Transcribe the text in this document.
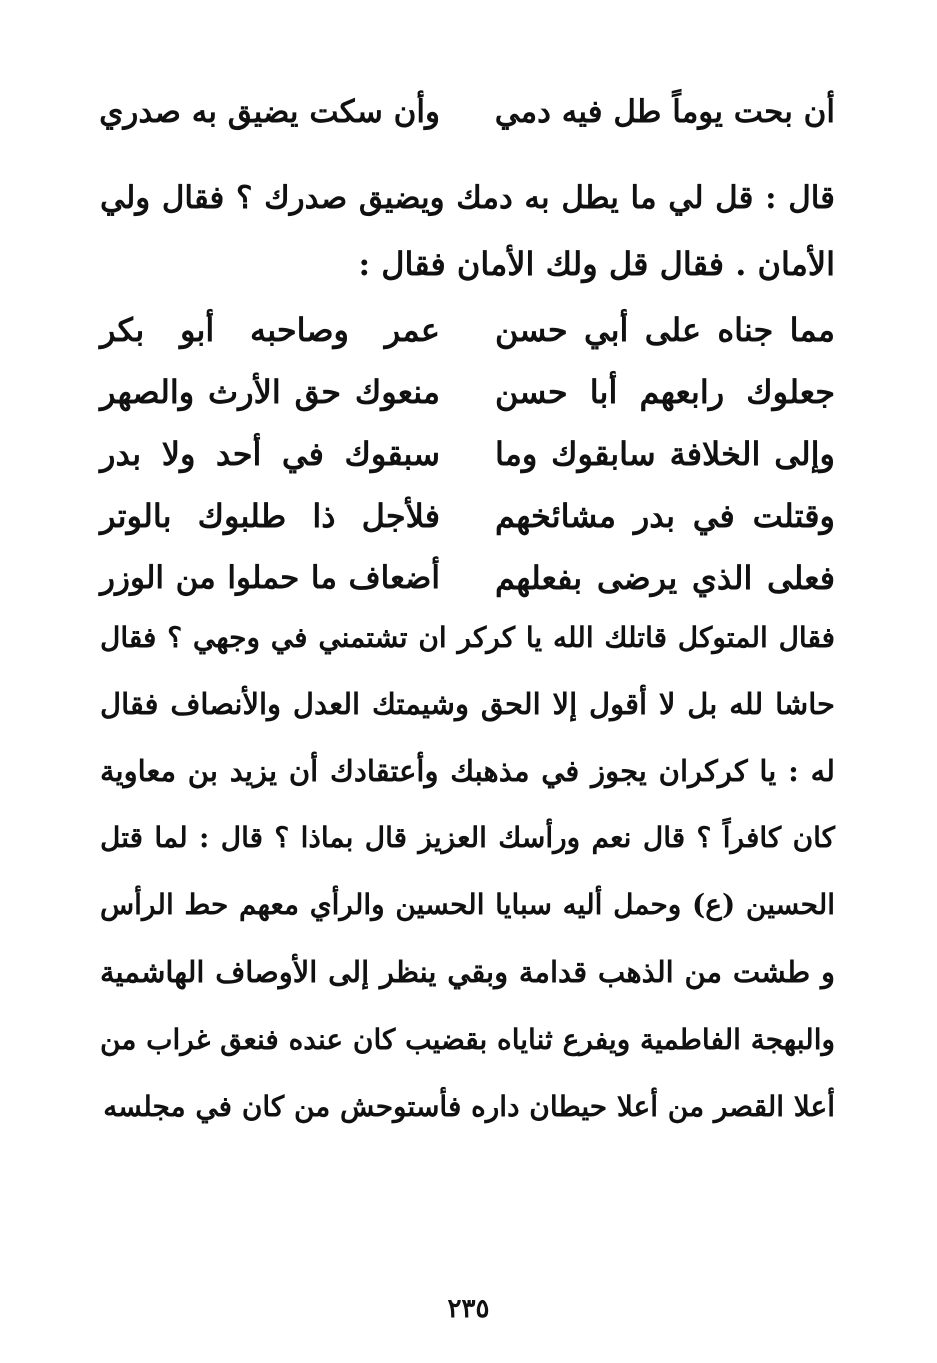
أن بحت يوماً طل فيه دمي
وأن سكت يضيق به صدري
قال : قل لي ما يطل به دمك ويضيق صدرك ؟ فقال ولي
الأمان . فقال قل ولك الأمان فقال :
مما جناه على أبي حسن
عمر وصاحبه أبو بكر
جعلوك رابعهم أبا حسن
منعوك حق الأرث والصهر
وإلى الخلافة سابقوك وما
سبقوك في أحد ولا بدر
وقتلت في بدر مشائخهم
فلأجل ذا طلبوك بالوتر
فعلى الذي يرضى بفعلهم
أضعاف ما حملوا من الوزر
فقال المتوكل قاتلك الله يا كركر ان تشتمني في وجهي ؟ فقال
حاشا لله بل لا أقول إلا الحق وشيمتك العدل والأنصاف فقال
له : يا كركران يجوز في مذهبك وأعتقادك أن يزيد بن معاوية
كان كافراً ؟ قال نعم ورأسك العزيز قال بماذا ؟ قال : لما قتل
الحسين (ع) وحمل أليه سبايا الحسين والرأي معهم حط الرأس
و طشت من الذهب قدامة وبقي ينظر إلى الأوصاف الهاشمية
والبهجة الفاطمية ويفرع ثناياه بقضيب كان عنده فنعق غراب من
أعلا القصر من أعلا حيطان داره فأستوحش من كان في مجلسه
٢٣٥
